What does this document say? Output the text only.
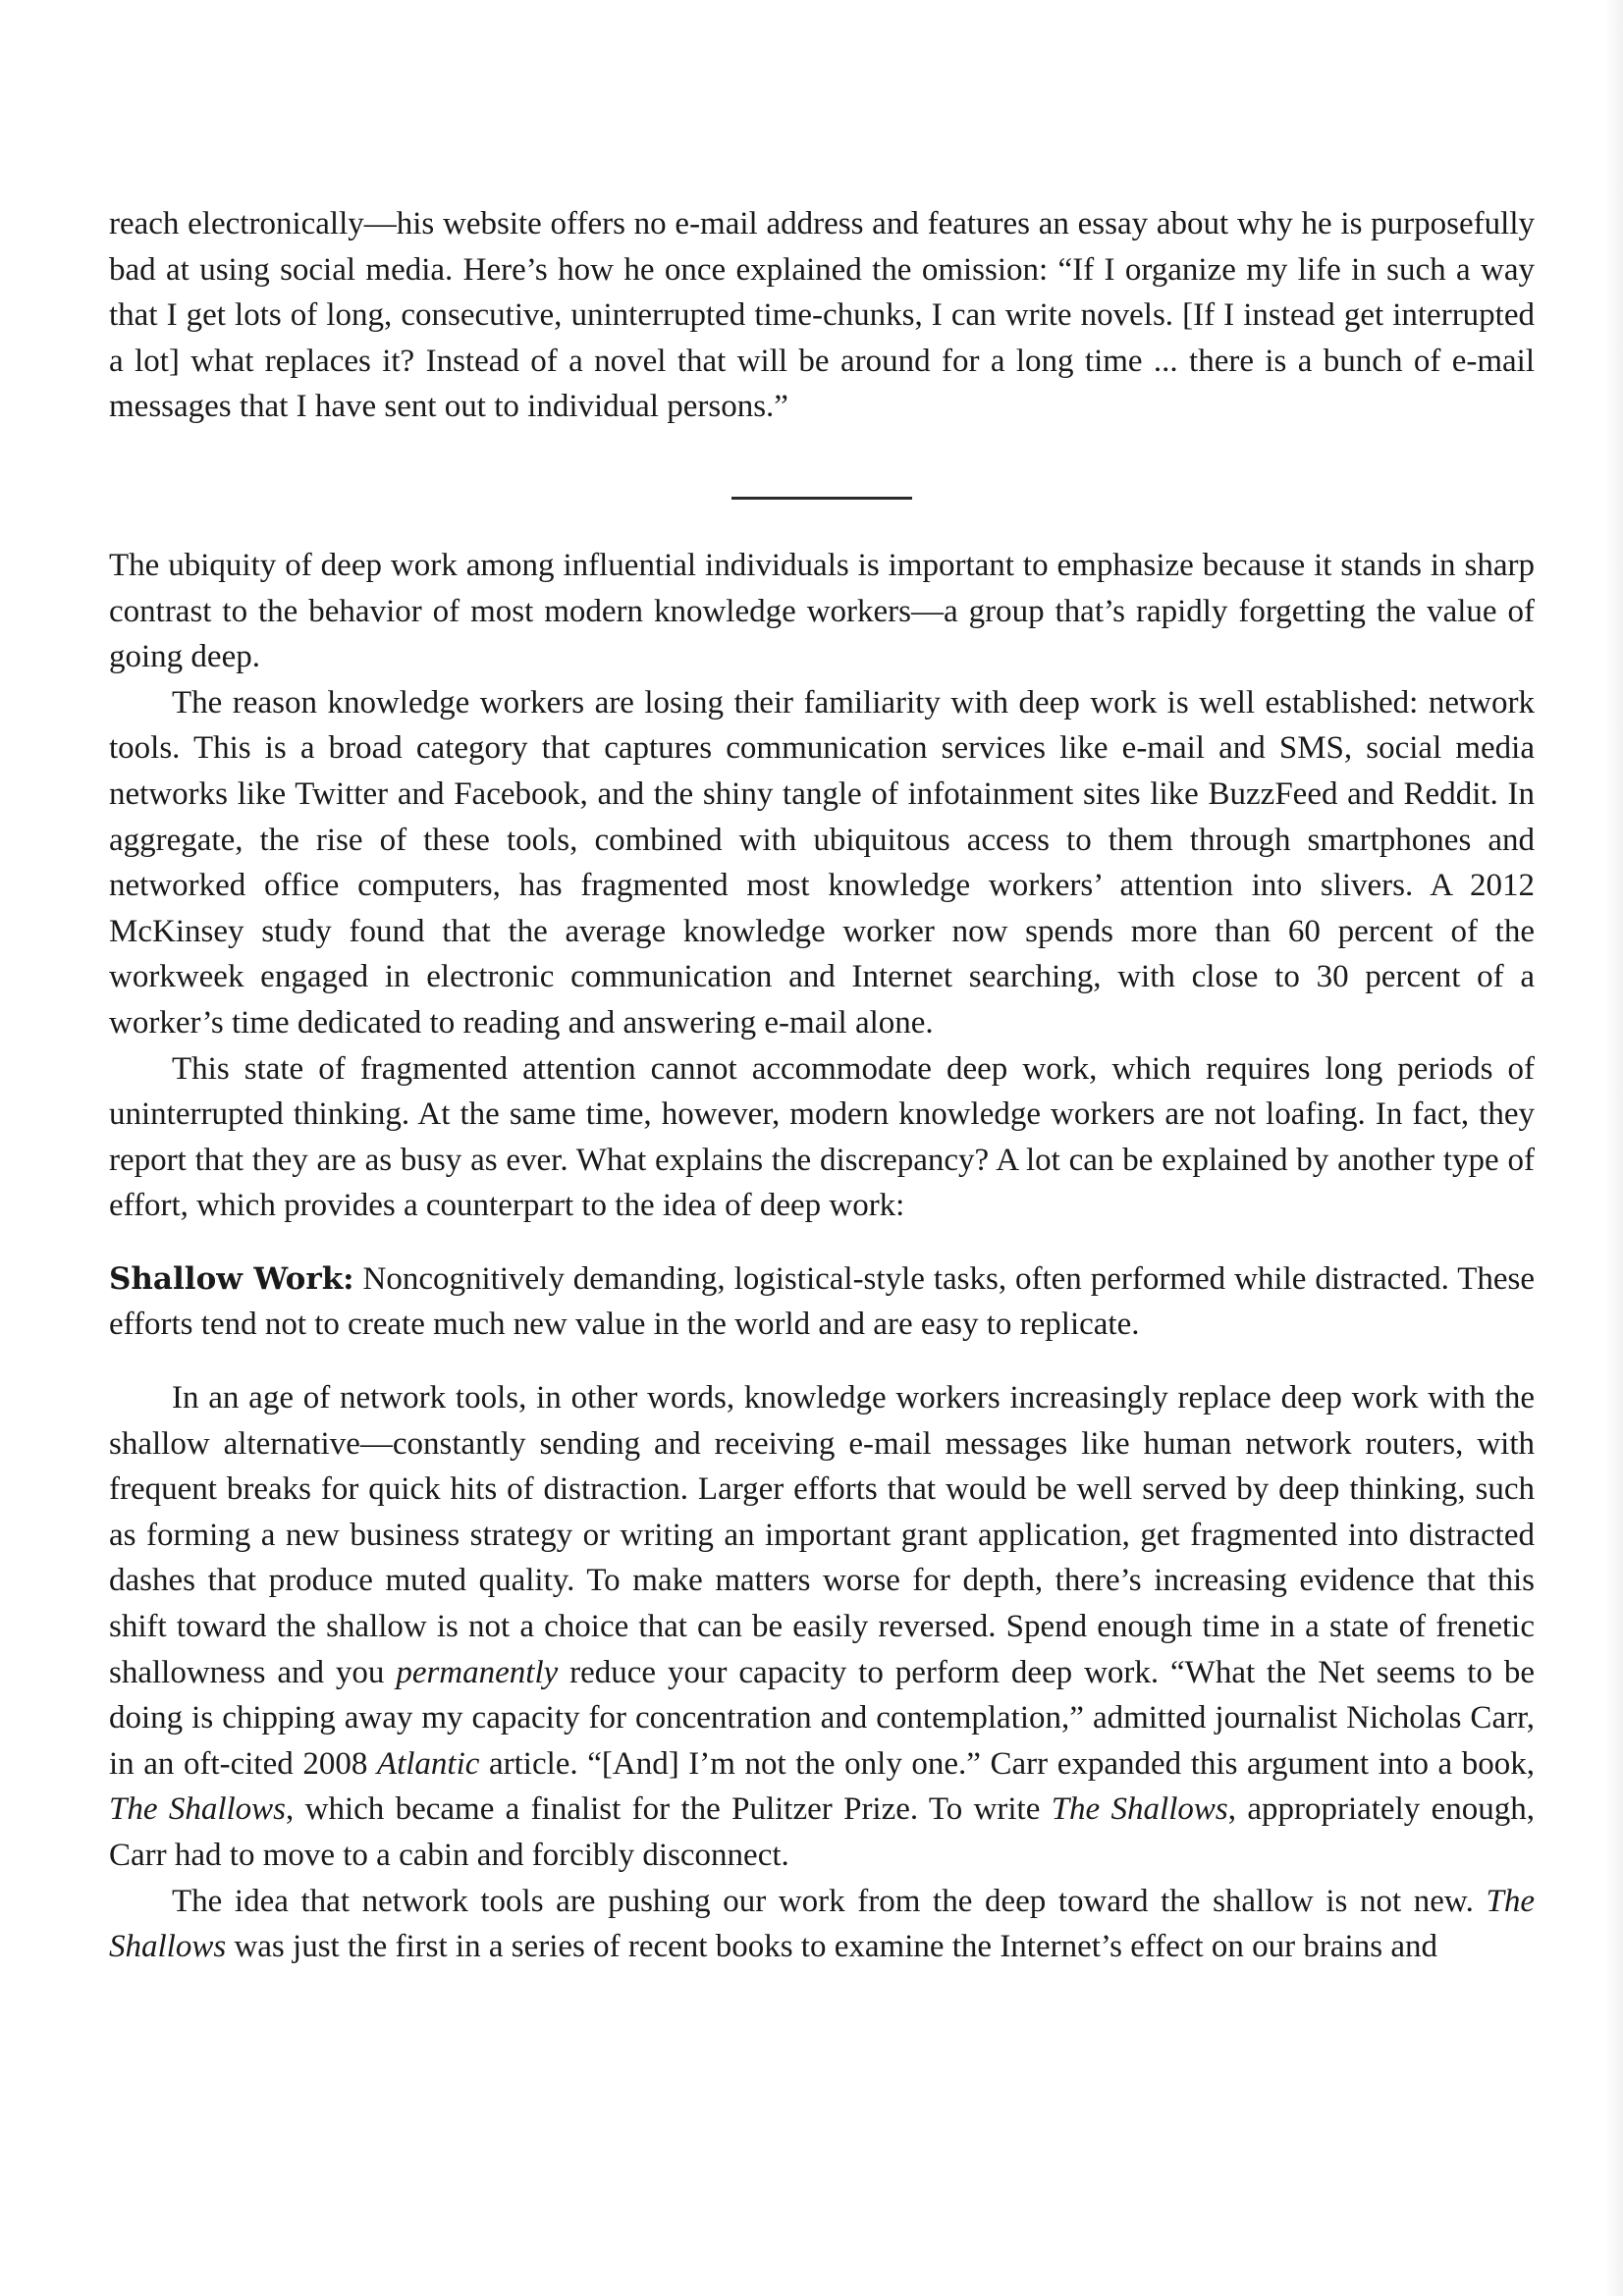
reach electronically—his website offers no e-mail address and features an essay about why he is purposefully bad at using social media. Here’s how he once explained the omission: “If I organize my life in such a way that I get lots of long, consecutive, uninterrupted time-chunks, I can write novels. [If I instead get interrupted a lot] what replaces it? Instead of a novel that will be around for a long time ... there is a bunch of e-mail messages that I have sent out to individual persons.”

The ubiquity of deep work among influential individuals is important to emphasize because it stands in sharp contrast to the behavior of most modern knowledge workers—a group that’s rapidly forgetting the value of going deep.

The reason knowledge workers are losing their familiarity with deep work is well established: network tools. This is a broad category that captures communication services like e-mail and SMS, social media networks like Twitter and Facebook, and the shiny tangle of infotainment sites like BuzzFeed and Reddit. In aggregate, the rise of these tools, combined with ubiquitous access to them through smartphones and networked office computers, has fragmented most knowledge workers’ attention into slivers. A 2012 McKinsey study found that the average knowledge worker now spends more than 60 percent of the workweek engaged in electronic communication and Internet searching, with close to 30 percent of a worker’s time dedicated to reading and answering e-mail alone.

This state of fragmented attention cannot accommodate deep work, which requires long periods of uninterrupted thinking. At the same time, however, modern knowledge workers are not loafing. In fact, they report that they are as busy as ever. What explains the discrepancy? A lot can be explained by another type of effort, which provides a counterpart to the idea of deep work:

Shallow Work: Noncognitively demanding, logistical-style tasks, often performed while distracted. These efforts tend not to create much new value in the world and are easy to replicate.

In an age of network tools, in other words, knowledge workers increasingly replace deep work with the shallow alternative—constantly sending and receiving e-mail messages like human network routers, with frequent breaks for quick hits of distraction. Larger efforts that would be well served by deep thinking, such as forming a new business strategy or writing an important grant application, get fragmented into distracted dashes that produce muted quality. To make matters worse for depth, there’s increasing evidence that this shift toward the shallow is not a choice that can be easily reversed. Spend enough time in a state of frenetic shallowness and you permanently reduce your capacity to perform deep work. “What the Net seems to be doing is chipping away my capacity for concentration and contemplation,” admitted journalist Nicholas Carr, in an oft-cited 2008 Atlantic article. “[And] I’m not the only one.” Carr expanded this argument into a book, The Shallows, which became a finalist for the Pulitzer Prize. To write The Shallows, appropriately enough, Carr had to move to a cabin and forcibly disconnect.

The idea that network tools are pushing our work from the deep toward the shallow is not new. The Shallows was just the first in a series of recent books to examine the Internet’s effect on our brains and
